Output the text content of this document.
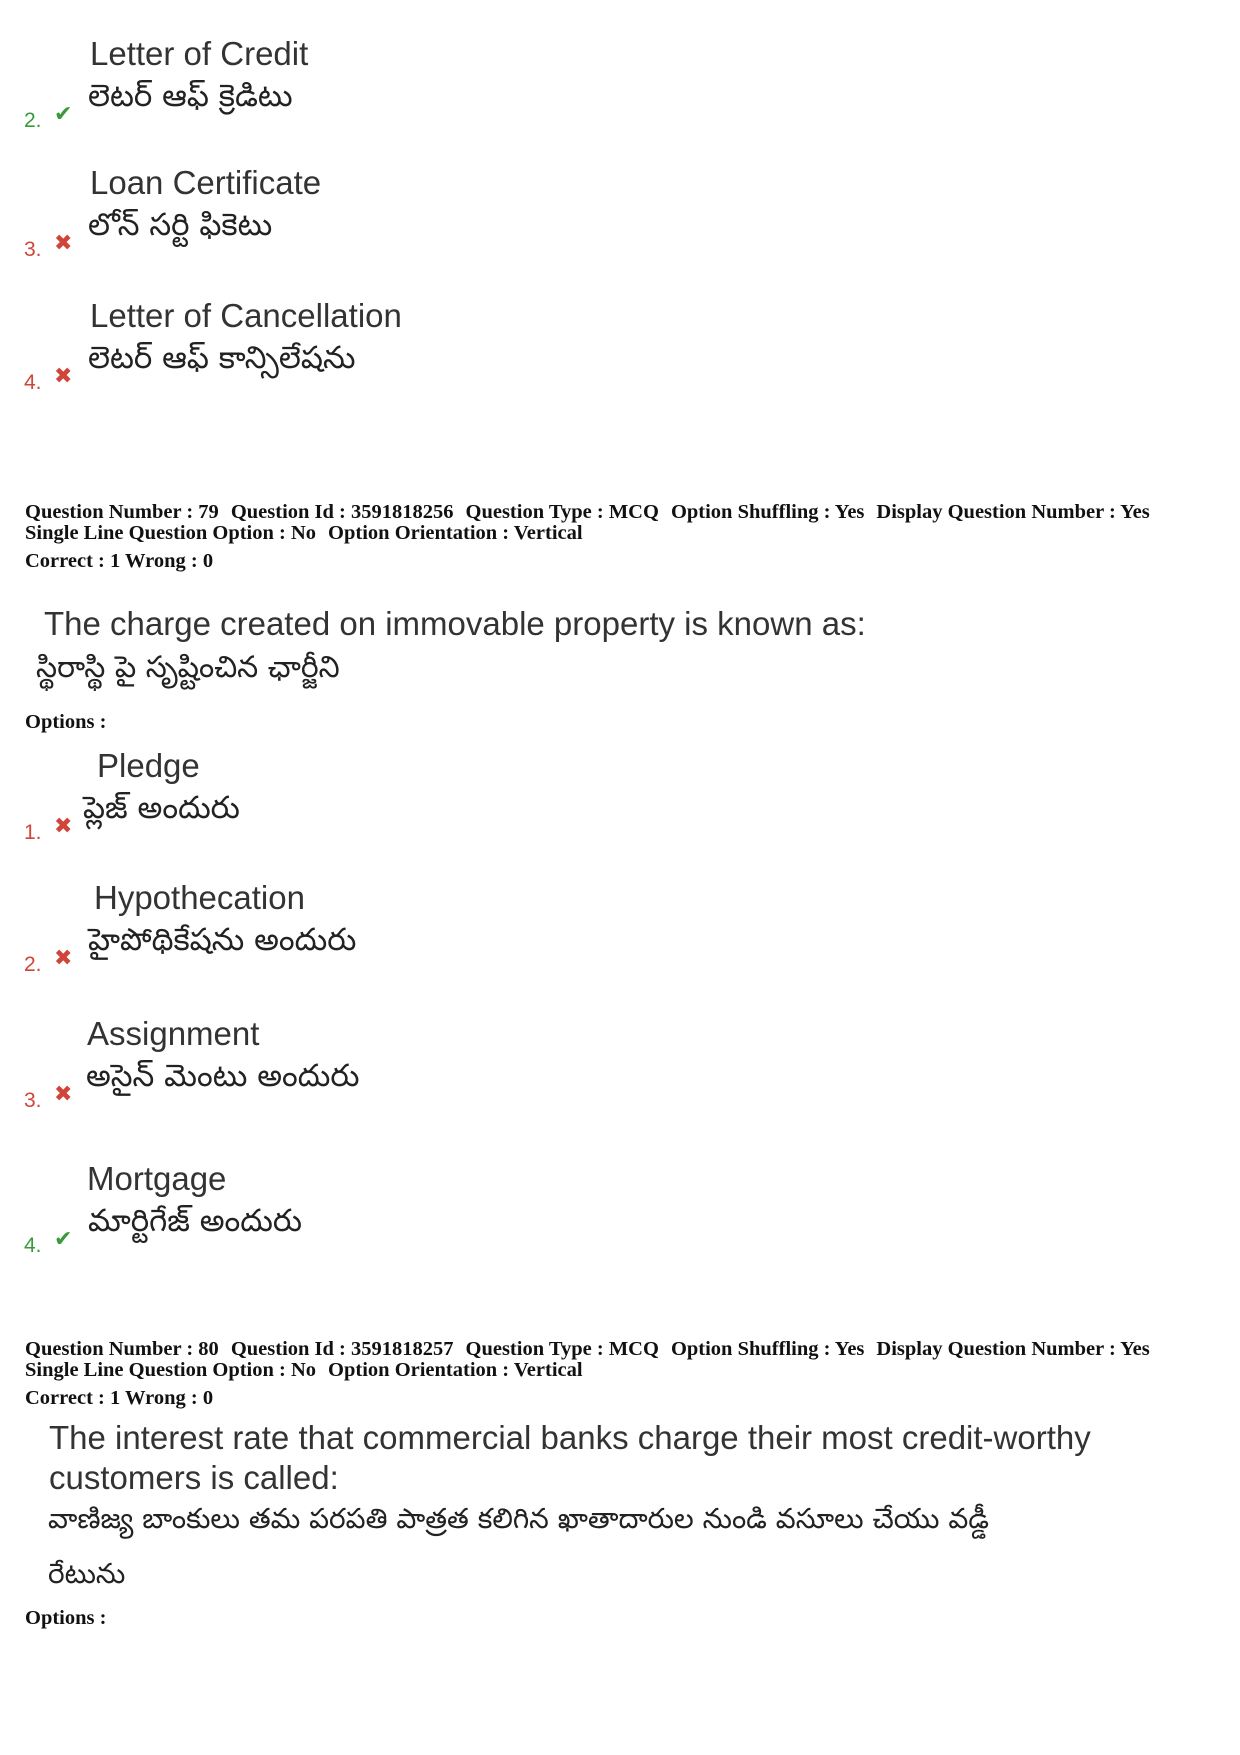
Letter of Credit
లెటర్ ఆఫ్ క్రెడిటు
2. ✔
Loan Certificate
లోన్ సర్టి ఫికెటు
3. ✖
Letter of Cancellation
లెటర్ ఆఫ్ కాన్సిలేషను
4. ✖
Question Number : 79 Question Id : 3591818256 Question Type : MCQ Option Shuffling : Yes Display Question Number : Yes
Single Line Question Option : No Option Orientation : Vertical
Correct : 1 Wrong : 0
The charge created on immovable property is known as:
స్థిరాస్థి పై సృష్టించిన ఛార్జీని
Options :
Pledge
ప్లెజ్ అందురు
1. ✖
Hypothecation
హైపోథికేషను అందురు
2. ✖
Assignment
అసైన్ మెంటు అందురు
3. ✖
Mortgage
మార్టిగేజ్ అందురు
4. ✔
Question Number : 80 Question Id : 3591818257 Question Type : MCQ Option Shuffling : Yes Display Question Number : Yes
Single Line Question Option : No Option Orientation : Vertical
Correct : 1 Wrong : 0
The interest rate that commercial banks charge their most credit-worthy
customers is called:
వాణిజ్య బాంకులు తమ పరపతి పాత్రత కలిగిన ఖాతాదారుల నుండి వసూలు చేయు వడ్డీ
రేటును
Options :
